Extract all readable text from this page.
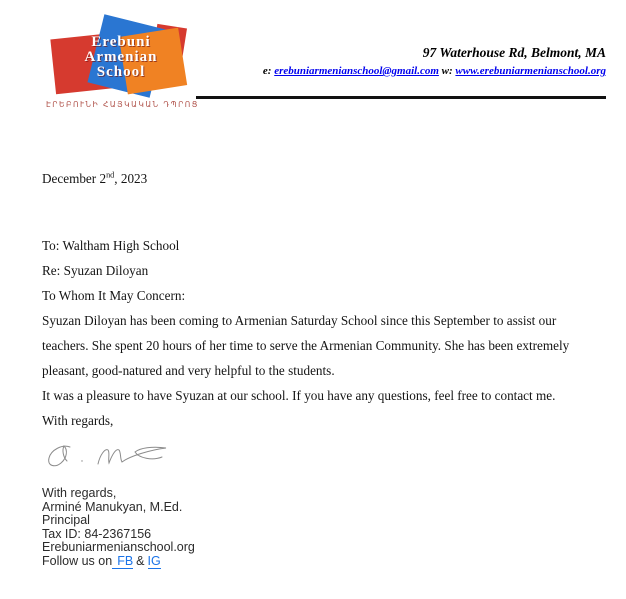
Erebuni
Armenian
School
ԷՐԵԲՈՒՆԻ ՀԱՅԿԱԿԱՆ ԴՊՐՈՑ
97 Waterhouse Rd, Belmont, MA
e: erebuniarmenianschool@gmail.com w: www.erebuniarmenianschool.org

December 2nd, 2023

To: Waltham High School

Re: Syuzan Diloyan

To Whom It May Concern:

Syuzan Diloyan has been coming to Armenian Saturday School since this September to assist our teachers. She spent 20 hours of her time to serve the Armenian Community. She has been extremely pleasant, good-natured and very helpful to the students.

It was a pleasure to have Syuzan at our school. If you have any questions, feel free to contact me.

With regards,

With regards,
Arminé Manukyan, M.Ed.
Principal
Tax ID: 84-2367156
Erebuniarmenianschool.org
Follow us on FB & IG
